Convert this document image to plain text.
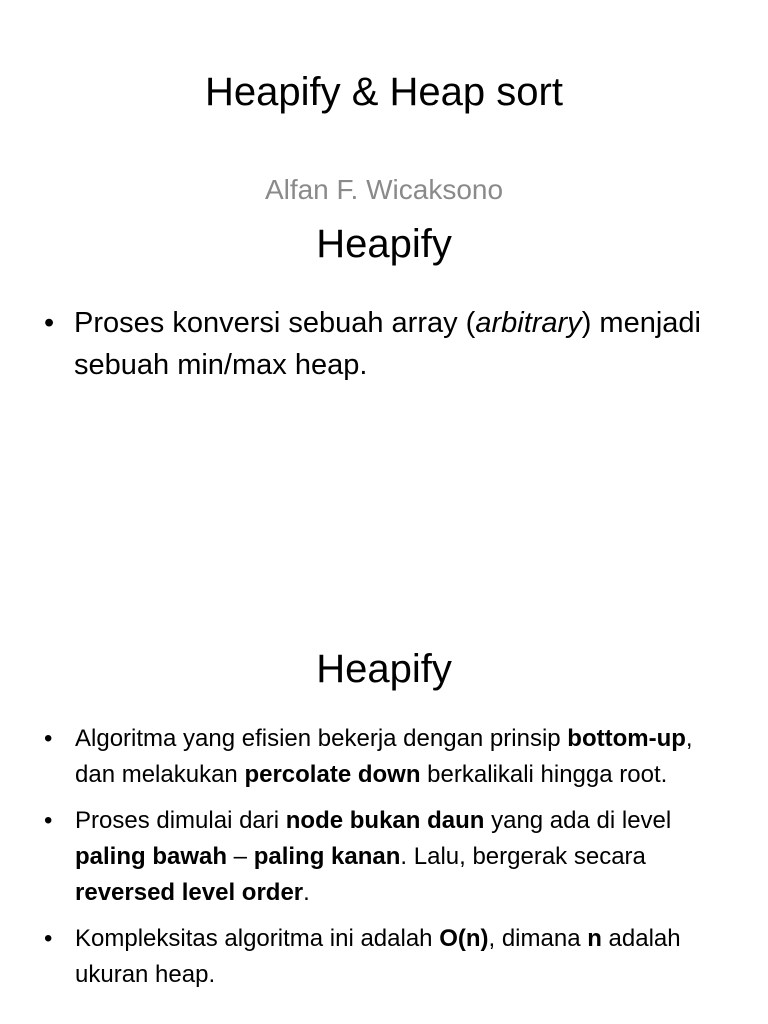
Heapify & Heap sort
Alfan F. Wicaksono
Heapify
• Proses konversi sebuah array (arbitrary) menjadi sebuah min/max heap.
Heapify
• Algoritma yang efisien bekerja dengan prinsip bottom-up, dan melakukan percolate down berkalikali hingga root.
• Proses dimulai dari node bukan daun yang ada di level paling bawah – paling kanan. Lalu, bergerak secara reversed level order.
• Kompleksitas algoritma ini adalah O(n), dimana n adalah ukuran heap.
